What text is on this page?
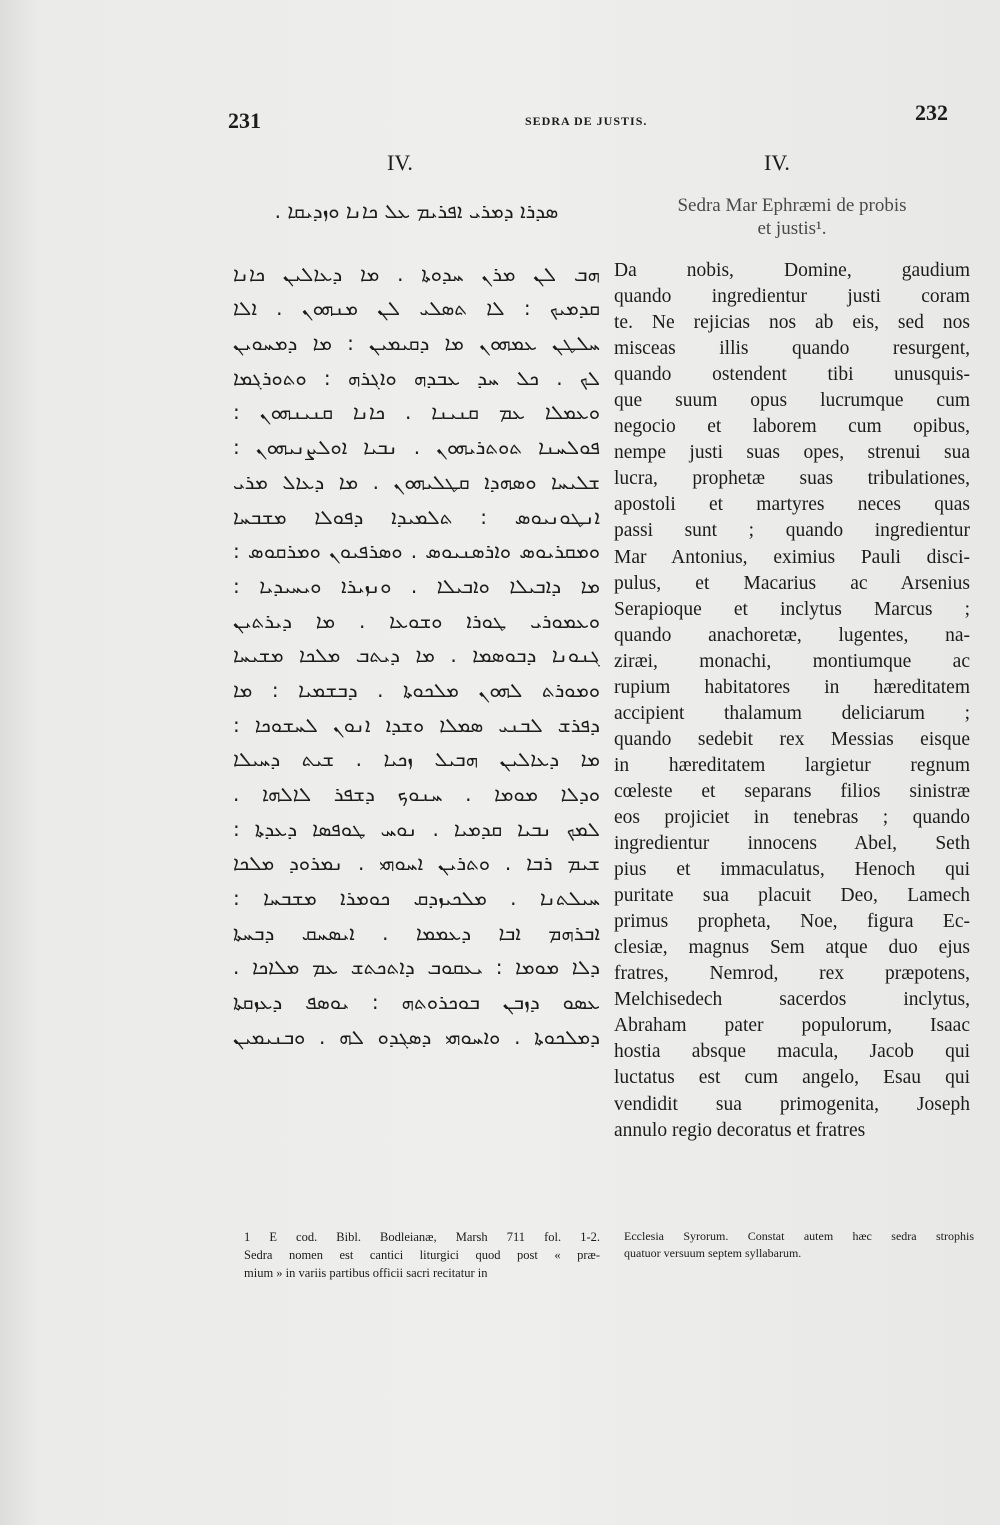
231	SEDRA DE JUSTIS.	232
IV.
ܣܕܪܐ ܕܡܪܝ ܐܦܪܝܡ ܥܠ ܟܐܢܐ ܘܙܕܝܩܐ .
ܗܒ ܠܢ ܡܪܢ ܚܕܘܬܐ . ܡܐ ܕܥܐܠܝܢ ܟܐܢܐ
ܩܕܡܝܟ : ܠܐ ܬܣܠܝ ܠܢ ܡܢܗܘܢ . ܐܠܐ
ܚܠܛܢ ܥܡܗܘܢ ܡܐ ܕܩܝܡܝܢ : ܡܐ ܕܡܚܘܝܢ
ܠܟ . ܟܠ ܚܕ ܥܒܕܗ ܘܐܓܪܗ : ܘܬܘܪܓܡܐ
ܘܥܡܠܐ ܥܡ ܩܢܝܢܐ . ܟܐܢܐ ܩܢܝܢܗܘܢ :
ܦܘܠܚܢܐ ܬܘܬܪܝܗܘܢ . ܢܒܝܐ ܐܘܠܨܢܝܗܘܢ :
ܫܠܝܚܐ ܘܣܗܕܐ ܩܛܠܝܗܘܢ . ܡܐ ܕܥܐܠ ܡܪܝ
ܐܢܛܘܢܝܘܣ : ܬܠܡܝܕܐ ܕܦܘܠܐ ܡܫܒܚܐ
ܘܡܩܪܝܘܣ ܘܐܪܣܢܝܘܣ . ܘܣܪܦܝܘܢ ܘܡܪܩܘܣ :
ܡܐ ܕܐܒܝܠܐ ܘܐܒܝܠܐ . ܘܢܙܝܪܐ ܘܝܚܝܕܝܐ :
ܘܥܡܘܪܝ ܛܘܪܐ ܘܫܘܥܐ . ܡܐ ܕܝܪܬܝܢ
ܓܢܘܢܐ ܕܒܘܣܡܐ . ܡܐ ܕܝܬܒ ܡܠܟܐ ܡܫܝܚܐ
ܘܡܘܪܬ ܠܗܘܢ ܡܠܟܘܬܐ . ܕܒܫܡܝܐ : ܡܐ
ܕܦܪܫ ܠܒܢܝ ܣܡܠܐ ܘܫܕܐ ܐܢܘܢ ܠܚܫܘܟܐ :
ܡܐ ܕܥܐܠܝܢ ܗܒܝܠ ܙܟܝܐ . ܫܝܬ ܕܚܝܠܐ
ܘܕܠܐ ܡܘܡܐ . ܚܢܘܟ ܕܫܦܪ ܠܐܠܗܐ .
ܠܡܟ ܢܒܝܐ ܩܕܡܝܐ . ܢܘܚ ܛܘܦܣܐ ܕܥܕܬܐ :
ܫܝܡ ܪܒܐ . ܘܬܪܝܢ ܐܚܘܗܝ . ܢܡܪܘܕ ܡܠܟܐ
ܚܝܠܬܢܐ . ܡܠܟܝܙܕܩ ܟܘܡܪܐ ܡܫܒܚܐ :
ܐܒܪܗܡ ܐܒܐ ܕܥܡܡܐ . ܐܝܣܚܩ ܕܒܚܬܐ
ܕܠܐ ܡܘܡܐ : ܝܥܩܘܒ ܕܐܬܟܬܫ ܥܡ ܡܠܐܟܐ .
ܥܣܘ ܕܙܒܢ ܒܘܟܪܘܬܗ : ܝܘܣܦ ܕܥܙܩܬܐ
ܕܡܠܟܘܬܐ . ܘܐܚܘܗܝ ܕܣܓܕܘ ܠܗ . ܘܒܢܝܡܝܢ
IV.
Sedra Mar Ephræmi de probis
et justis¹.
Da nobis, Domine, gaudium
quando ingredientur justi coram
te. Ne rejicias nos ab eis, sed nos
misceas illis quando resurgent,
quando ostendent tibi unusquis-
que suum opus lucrumque cum
negocio et laborem cum opibus,
nempe justi suas opes, strenui sua
lucra, prophetæ suas tribulationes,
apostoli et martyres neces quas
passi sunt ; quando ingredientur
Mar Antonius, eximius Pauli disci-
pulus, et Macarius ac Arsenius
Serapioque et inclytus Marcus ;
quando anachoretæ, lugentes, na-
ziræi, monachi, montiumque ac
rupium habitatores in hæreditatem
accipient thalamum deliciarum ;
quando sedebit rex Messias eisque
in hæreditatem largietur regnum
cœleste et separans filios sinistræ
eos projiciet in tenebras ; quando
ingredientur innocens Abel, Seth
pius et immaculatus, Henoch qui
puritate sua placuit Deo, Lamech
primus propheta, Noe, figura Ec-
clesiæ, magnus Sem atque duo ejus
fratres, Nemrod, rex præpotens,
Melchisedech sacerdos inclytus,
Abraham pater populorum, Isaac
hostia absque macula, Jacob qui
luctatus est cum angelo, Esau qui
vendidit sua primogenita, Joseph
annulo regio decoratus et fratres
1 E cod. Bibl. Bodleianæ, Marsh 711 fol. 1-2.
Sedra nomen est cantici liturgici quod post « præ-
mium » in variis partibus officii sacri recitatur in
Ecclesia Syrorum. Constat autem hæc sedra strophis
quatuor versuum septem syllabarum.
